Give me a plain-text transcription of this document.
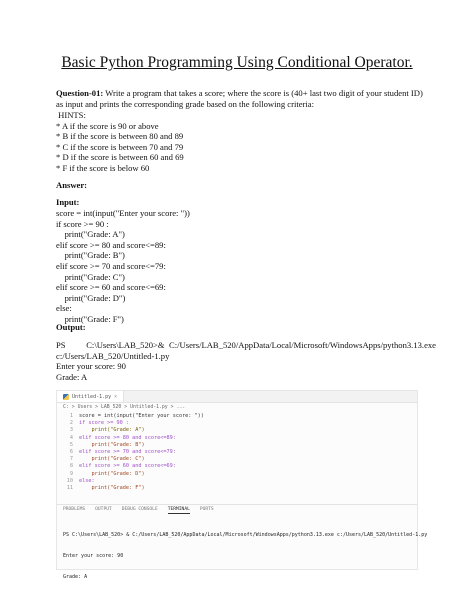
Basic Python Programming Using Conditional Operator.
Question-01: Write a program that takes a score; where the score is (40+ last two digit of your student ID) as input and prints the corresponding grade based on the following criteria:
HINTS:
* A if the score is 90 or above
* B if the score is between 80 and 89
* C if the score is between 70 and 79
* D if the score is between 60 and 69
* F if the score is below 60
Answer:
Input:
score = int(input("Enter your score: "))
if score >= 90 :
print("Grade: A")
elif score >= 80 and score<=89:
print("Grade: B")
elif score >= 70 and score<=79:
print("Grade: C")
elif score >= 60 and score<=69:
print("Grade: D")
else:
print("Grade: F")
Output:
PS	C:\Users\LAB_520> & C:/Users/LAB_520/AppData/Local/Microsoft/WindowsApps/python3.13.exe
c:/Users/LAB_520/Untitled-1.py
Enter your score: 90
Grade: A
Untitled-1.py ×
C: > Users > LAB_520 > Untitled-1.py > ...
1	score = int(input("Enter your score: "))
2	if score >= 90 :
3	print("Grade: A")
4	elif score >= 80 and score<=89:
5	print("Grade: B")
6	elif score >= 70 and score<=79:
7	print("Grade: C")
8	elif score >= 60 and score<=69:
9	print("Grade: D")
10	else:
11	print("Grade: F")
PROBLEMS OUTPUT DEBUG CONSOLE TERMINAL PORTS

PS C:\Users\LAB_520> & C:/Users/LAB_520/AppData/Local/Microsoft/WindowsApps/python3.13.exe c:/Users/LAB_520/Untitled-1.py

Enter your score: 90

Grade: A
